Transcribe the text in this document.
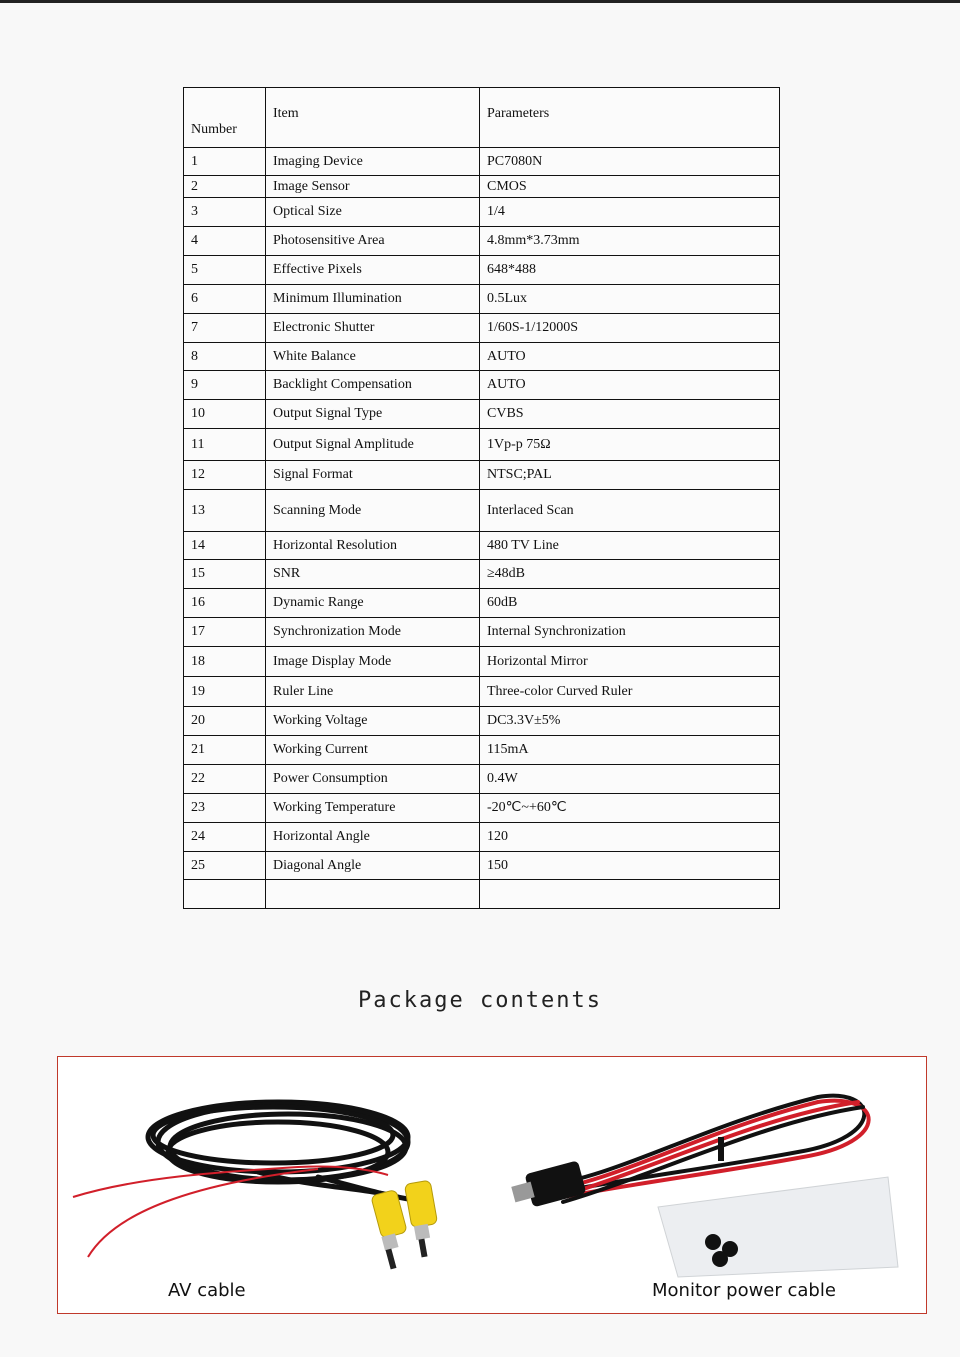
Number	Item	Parameters
1	Imaging Device	PC7080N
2	Image Sensor	CMOS
3	Optical Size	1/4
4	Photosensitive Area	4.8mm*3.73mm
5	Effective Pixels	648*488
6	Minimum Illumination	0.5Lux
7	Electronic Shutter	1/60S-1/12000S
8	White Balance	AUTO
9	Backlight Compensation	AUTO
10	Output Signal Type	CVBS
11	Output Signal Amplitude	1Vp-p 75Ω
12	Signal Format	NTSC;PAL
13	Scanning Mode	Interlaced Scan
14	Horizontal Resolution	480 TV Line
15	SNR	≥48dB
16	Dynamic Range	60dB
17	Synchronization Mode	Internal Synchronization
18	Image Display Mode	Horizontal Mirror
19	Ruler Line	Three-color Curved Ruler
20	Working Voltage	DC3.3V±5%
21	Working Current	115mA
22	Power Consumption	0.4W
23	Working Temperature	-20℃~+60℃
24	Horizontal Angle	120
25	Diagonal Angle	150

Package contents
AV cable	Monitor power cable
